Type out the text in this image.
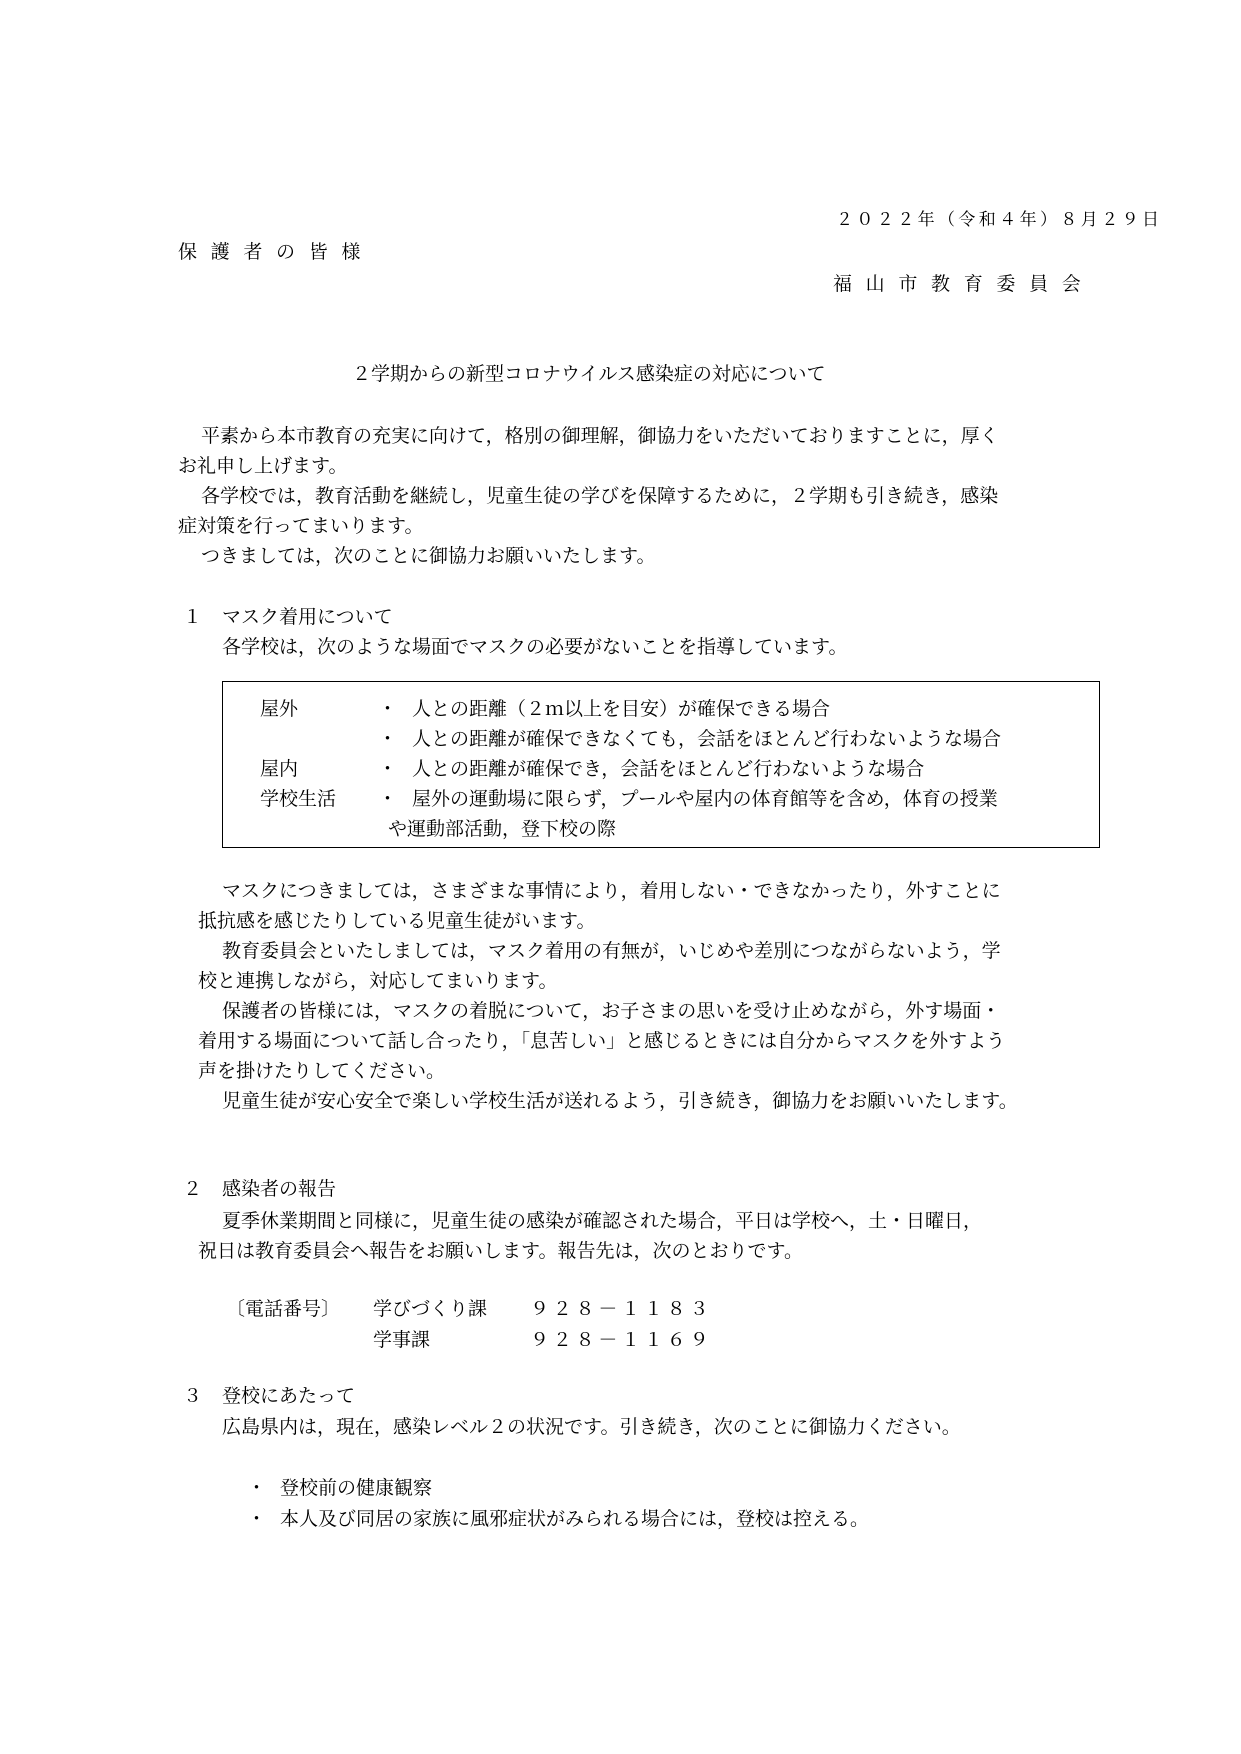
２０２２年（令和４年）８月２９日
保護者の皆様
福山市教育委員会
２学期からの新型コロナウイルス感染症の対応について
平素から本市教育の充実に向けて，格別の御理解，御協力をいただいておりますことに，厚く
お礼申し上げます。
各学校では，教育活動を継続し，児童生徒の学びを保障するために，２学期も引き続き，感染
症対策を行ってまいります。
つきましては，次のことに御協力お願いいたします。
１ マスク着用について
各学校は，次のような場面でマスクの必要がないことを指導しています。
屋外	・ 人との距離（２ｍ以上を目安）が確保できる場合
・ 人との距離が確保できなくても，会話をほとんど行わないような場合
屋内	・ 人との距離が確保でき，会話をほとんど行わないような場合
学校生活 ・ 屋外の運動場に限らず，プールや屋内の体育館等を含め，体育の授業
や運動部活動，登下校の際
マスクにつきましては，さまざまな事情により，着用しない・できなかったり，外すことに
抵抗感を感じたりしている児童生徒がいます。
教育委員会といたしましては，マスク着用の有無が，いじめや差別につながらないよう，学
校と連携しながら，対応してまいります。
保護者の皆様には，マスクの着脱について，お子さまの思いを受け止めながら，外す場面・
着用する場面について話し合ったり，「息苦しい」と感じるときには自分からマスクを外すよう
声を掛けたりしてください。
児童生徒が安心安全で楽しい学校生活が送れるよう，引き続き，御協力をお願いいたします。
２ 感染者の報告
夏季休業期間と同様に，児童生徒の感染が確認された場合，平日は学校へ，土・日曜日，
祝日は教育委員会へ報告をお願いします。報告先は，次のとおりです。
〔電話番号〕 学びづくり課 ９２８－１１８３
学事課	９２８－１１６９
３ 登校にあたって
広島県内は，現在，感染レベル２の状況です。引き続き，次のことに御協力ください。
・ 登校前の健康観察
・ 本人及び同居の家族に風邪症状がみられる場合には，登校は控える。
